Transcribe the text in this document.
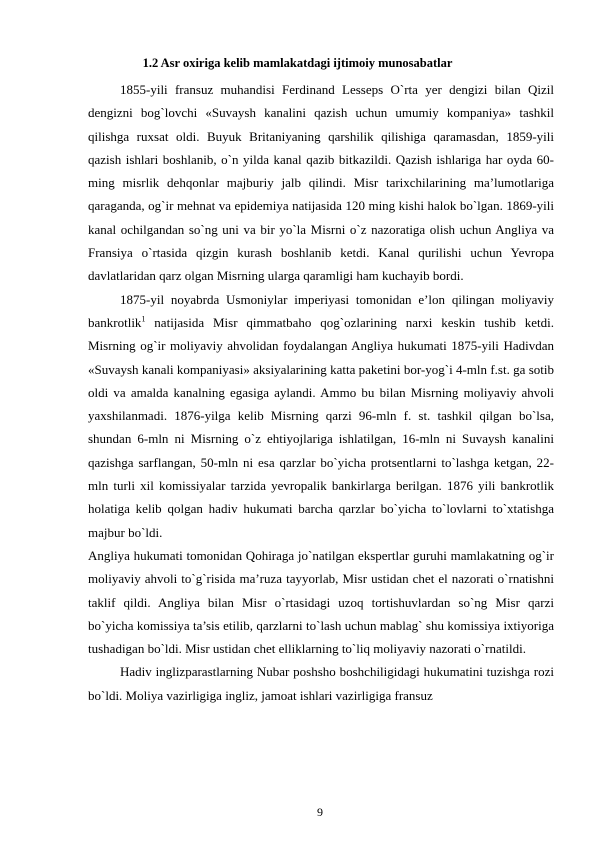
1.2 Asr oxiriga kelib mamlakatdagi ijtimoiy munosabatlar

1855-yili fransuz muhandisi Ferdinand Lesseps O`rta yer dengizi bilan Qizil dengizni bog`lovchi «Suvaysh kanalini qazish uchun umumiy kompaniya» tashkil qilishga ruxsat oldi. Buyuk Britaniyaning qarshilik qilishiga qaramasdan, 1859-yili qazish ishlari boshlanib, o`n yilda kanal qazib bitkazildi. Qazish ishlariga har oyda 60-ming misrlik dehqonlar majburiy jalb qilindi. Misr tarixchilarining ma’lumotlariga qaraganda, og`ir mehnat va epidemiya natijasida 120 ming kishi halok bo`lgan. 1869-yili kanal ochilgandan so`ng uni va bir yo`la Misrni o`z nazoratiga olish uchun Angliya va Fransiya o`rtasida qizgin kurash boshlanib ketdi. Kanal qurilishi uchun Yevropa davlatlaridan qarz olgan Misrning ularga qaramligi ham kuchayib bordi.

1875-yil noyabrda Usmoniylar imperiyasi tomonidan e’lon qilingan moliyaviy bankrotlik$^1$ natijasida Misr qimmatbaho qog`ozlarining narxi keskin tushib ketdi. Misrning og`ir moliyaviy ahvolidan foydalangan Angliya hukumati 1875-yili Hadivdan «Suvaysh kanali kompaniyasi» aksiyalarining katta paketini bor-yog`i 4-mln f.st. ga sotib oldi va amalda kanalning egasiga aylandi. Ammo bu bilan Misrning moliyaviy ahvoli yaxshilanmadi. 1876-yilga kelib Misrning qarzi 96-mln f. st. tashkil qilgan bo`lsa, shundan 6-mln ni Misrning o`z ehtiyojlariga ishlatilgan, 16-mln ni Suvaysh kanalini qazishga sarflangan, 50-mln ni esa qarzlar bo`yicha protsentlarni to`lashga ketgan, 22-mln turli xil komissiyalar tarzida yevropalik bankirlarga berilgan. 1876 yili bankrotlik holatiga kelib qolgan hadiv hukumati barcha qarzlar bo`yicha to`lovlarni to`xtatishga majbur bo`ldi.

Angliya hukumati tomonidan Qohiraga jo`natilgan ekspertlar guruhi mamlakatning og`ir moliyaviy ahvoli to`g`risida ma’ruza tayyorlab, Misr ustidan chet el nazorati o`rnatishni taklif qildi. Angliya bilan Misr o`rtasidagi uzoq tortishuvlardan so`ng Misr qarzi bo`yicha komissiya ta’sis etilib, qarzlarni to`lash uchun mablag` shu komissiya ixtiyoriga tushadigan bo`ldi. Misr ustidan chet elliklarning to`liq moliyaviy nazorati o`rnatildi.

Hadiv inglizparastlarning Nubar poshsho boshchiligidagi hukumatini tuzishga rozi bo`ldi. Moliya vazirligiga ingliz, jamoat ishlari vazirligiga fransuz

9
